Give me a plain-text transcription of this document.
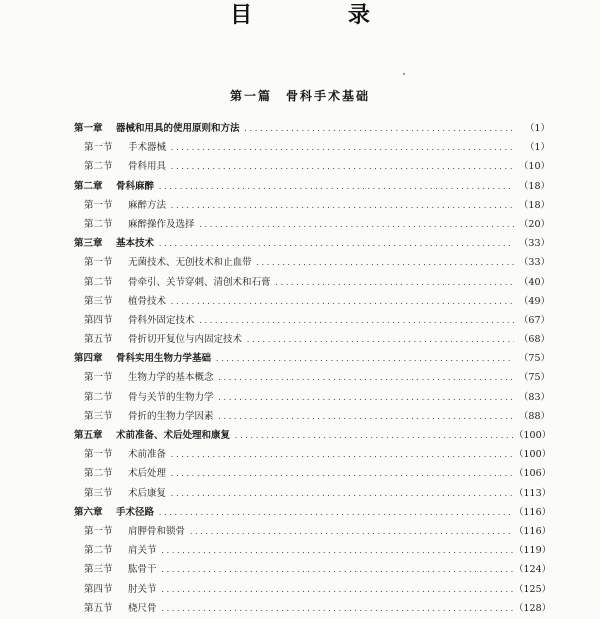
目 录
第一篇　骨科手术基础
第一章	器械和用具的使用原则和方法 .....	（1）
第一节	手术器械 .....	（1）
第二节	骨科用具 .....	（10）
第二章	骨科麻醉 .....	（18）
第一节	麻醉方法 .....	（18）
第二节	麻醉操作及选择 .....	（20）
第三章	基本技术 .....	（33）
第一节	无菌技术、无创技术和止血带 .....	（33）
第二节	骨牵引、关节穿刺、清创术和石膏 .....	（40）
第三节	植骨技术 .....	（49）
第四节	骨科外固定技术 .....	（67）
第五节	骨折切开复位与内固定技术 .....	（68）
第四章	骨科实用生物力学基础 .....	（75）
第一节	生物力学的基本概念 .....	（75）
第二节	骨与关节的生物力学 .....	（83）
第三节	骨折的生物力学因素 .....	（88）
第五章	术前准备、术后处理和康复 .....	（100）
第一节	术前准备 .....	（100）
第二节	术后处理 .....	（106）
第三节	术后康复 .....	（113）
第六章	手术径路 .....	（116）
第一节	肩胛骨和锁骨 .....	（116）
第二节	肩关节 .....	（119）
第三节	肱骨干 .....	（124）
第四节	肘关节 .....	（125）
第五节	桡尺骨 .....	（128）
